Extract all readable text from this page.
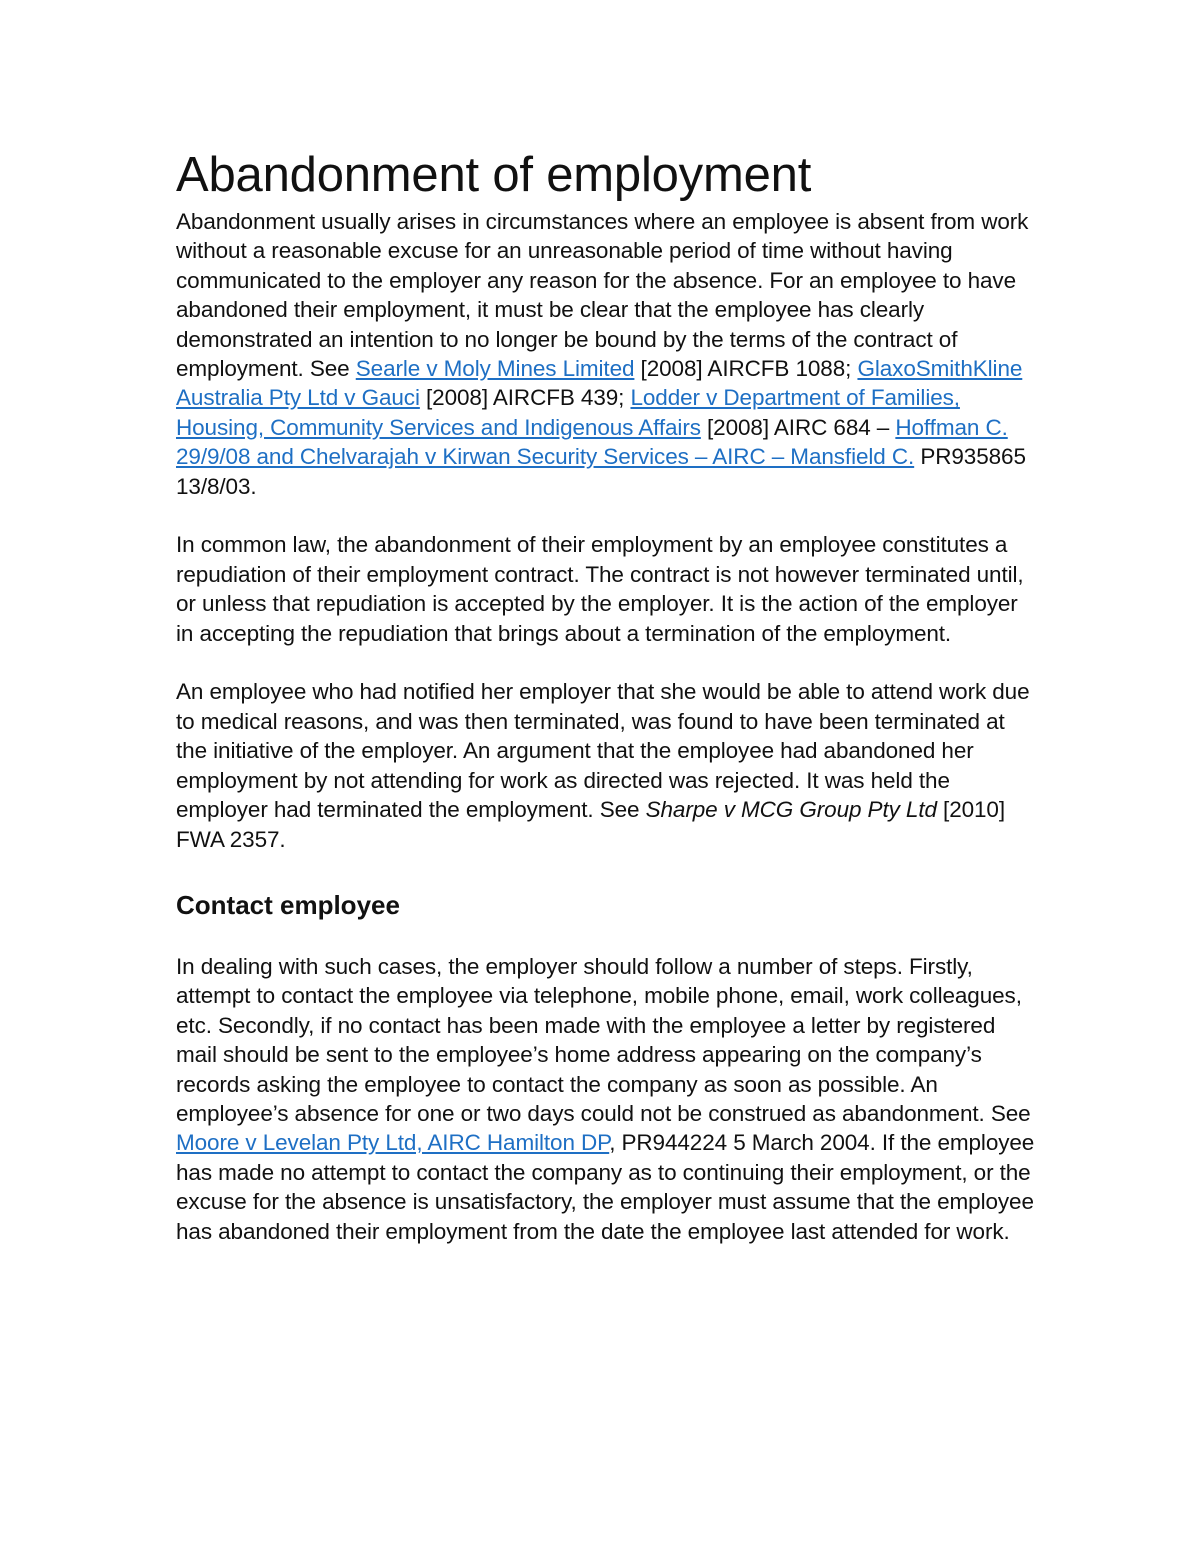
Abandonment of employment

Abandonment usually arises in circumstances where an employee is absent from work without a reasonable excuse for an unreasonable period of time without having communicated to the employer any reason for the absence. For an employee to have abandoned their employment, it must be clear that the employee has clearly demonstrated an intention to no longer be bound by the terms of the contract of employment. See Searle v Moly Mines Limited [2008] AIRCFB 1088; GlaxoSmithKline Australia Pty Ltd v Gauci [2008] AIRCFB 439; Lodder v Department of Families, Housing, Community Services and Indigenous Affairs [2008] AIRC 684 – Hoffman C. 29/9/08 and Chelvarajah v Kirwan Security Services – AIRC – Mansfield C. PR935865 13/8/03.

In common law, the abandonment of their employment by an employee constitutes a repudiation of their employment contract. The contract is not however terminated until, or unless that repudiation is accepted by the employer. It is the action of the employer in accepting the repudiation that brings about a termination of the employment.

An employee who had notified her employer that she would be able to attend work due to medical reasons, and was then terminated, was found to have been terminated at the initiative of the employer. An argument that the employee had abandoned her employment by not attending for work as directed was rejected. It was held the employer had terminated the employment. See Sharpe v MCG Group Pty Ltd [2010] FWA 2357.

Contact employee

In dealing with such cases, the employer should follow a number of steps. Firstly, attempt to contact the employee via telephone, mobile phone, email, work colleagues, etc. Secondly, if no contact has been made with the employee a letter by registered mail should be sent to the employee’s home address appearing on the company’s records asking the employee to contact the company as soon as possible. An employee’s absence for one or two days could not be construed as abandonment. See Moore v Levelan Pty Ltd, AIRC Hamilton DP, PR944224 5 March 2004. If the employee has made no attempt to contact the company as to continuing their employment, or the excuse for the absence is unsatisfactory, the employer must assume that the employee has abandoned their employment from the date the employee last attended for work.
